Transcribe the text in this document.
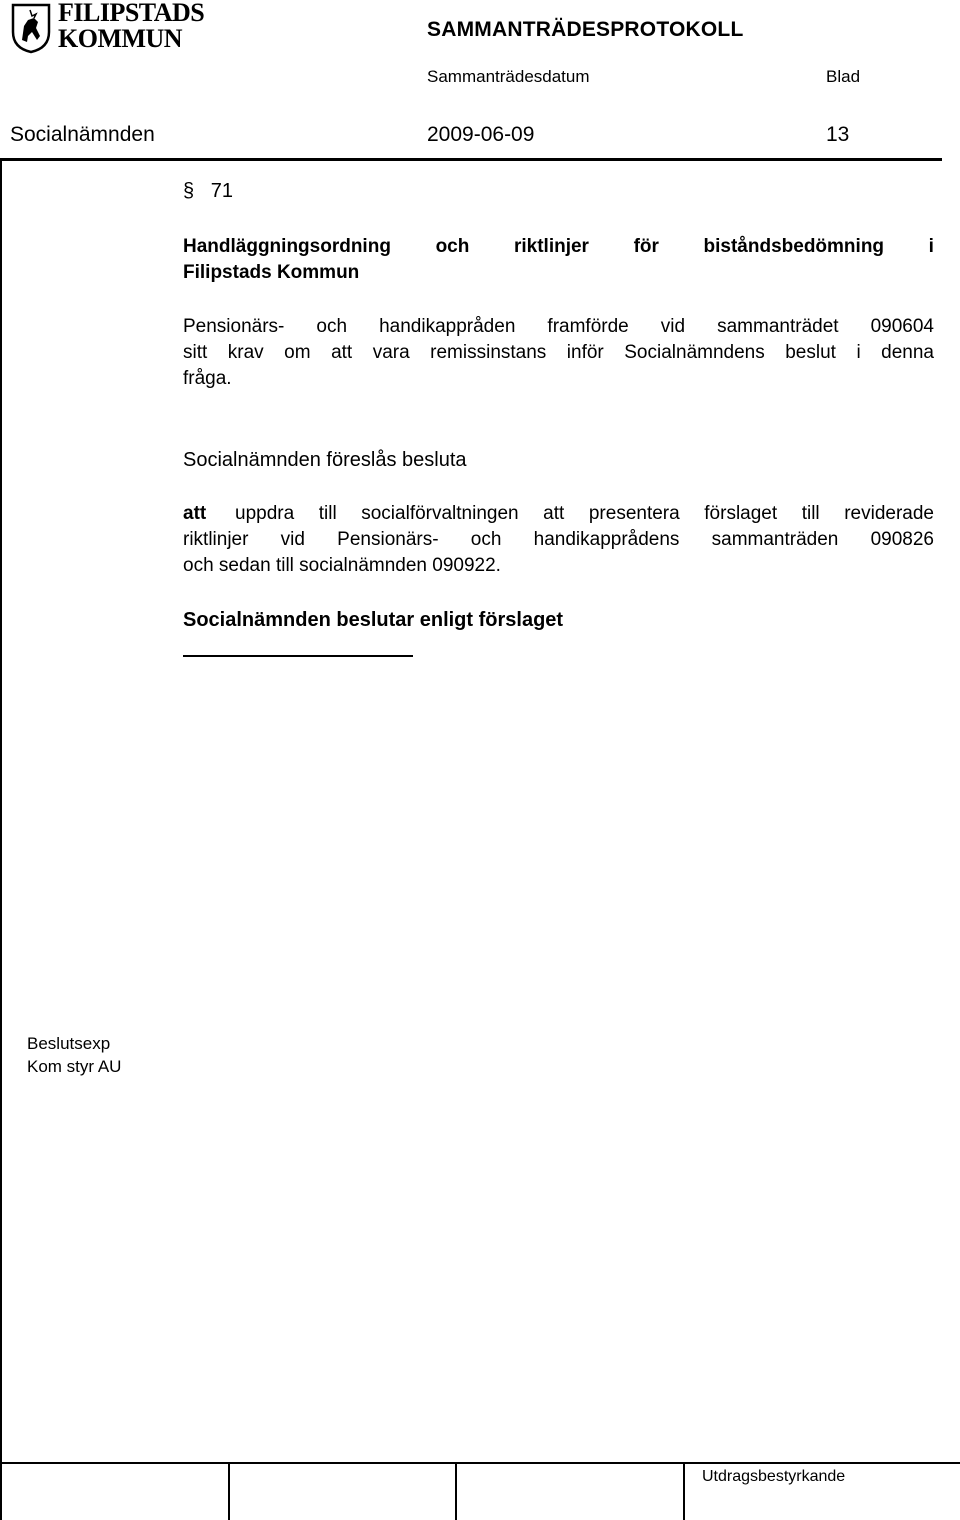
FILIPSTADS
KOMMUN	SAMMANTRÄDESPROTOKOLL
Sammanträdesdatum	Blad
Socialnämnden	2009-06-09	13
§ 71
Handläggningsordning och riktlinjer för biståndsbedömning i
Filipstads Kommun
Pensionärs- och handikappråden framförde vid sammanträdet 090604
sitt krav om att vara remissinstans inför Socialnämndens beslut i denna
fråga.
Socialnämnden föreslås besluta
att	uppdra till socialförvaltningen att presentera förslaget till reviderade
riktlinjer vid Pensionärs- och handikapprådens sammanträden 090826
och sedan till socialnämnden 090922.
Socialnämnden beslutar enligt förslaget
Beslutsexp
Kom styr AU
Utdragsbestyrkande
